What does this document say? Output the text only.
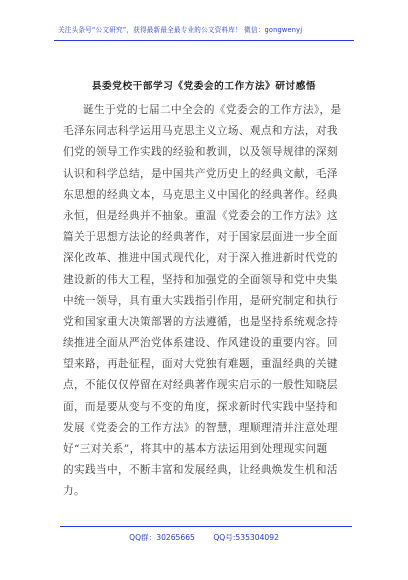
关注头条号“公文研究”，获得最新最全最专业的公文资料库！ 微信：gongwenyj
县委党校干部学习《党委会的工作方法》研讨感悟
诞生于党的七届二中全会的《党委会的工作方法》，是
毛泽东同志科学运用马克思主义立场、观点和方法，对我
们党的领导工作实践的经验和教训，以及领导规律的深刻
认识和科学总结，是中国共产党历史上的经典文献，毛泽
东思想的经典文本，马克思主义中国化的经典著作。经典
永恒，但是经典并不抽象。重温《党委会的工作方法》这
篇关于思想方法论的经典著作，对于国家层面进一步全面
深化改革、推进中国式现代化，对于深入推进新时代党的
建设新的伟大工程，坚持和加强党的全面领导和党中央集
中统一领导，具有重大实践指引作用，是研究制定和执行
党和国家重大决策部署的方法遵循，也是坚持系统观念持
续推进全面从严治党体系建设、作风建设的重要内容。回
望来路，再赴征程，面对大党独有难题，重温经典的关键
点，不能仅仅停留在对经典著作现实启示的一般性知晓层
面，而是要从变与不变的角度，探求新时代实践中坚持和
发展《党委会的工作方法》的智慧，理顺理清并注意处理
好“三对关系”，将其中的基本方法运用到处理现实问题
的实践当中，不断丰富和发展经典，让经典焕发生机和活
力。
QQ群：30265665 QQ号:535304092
